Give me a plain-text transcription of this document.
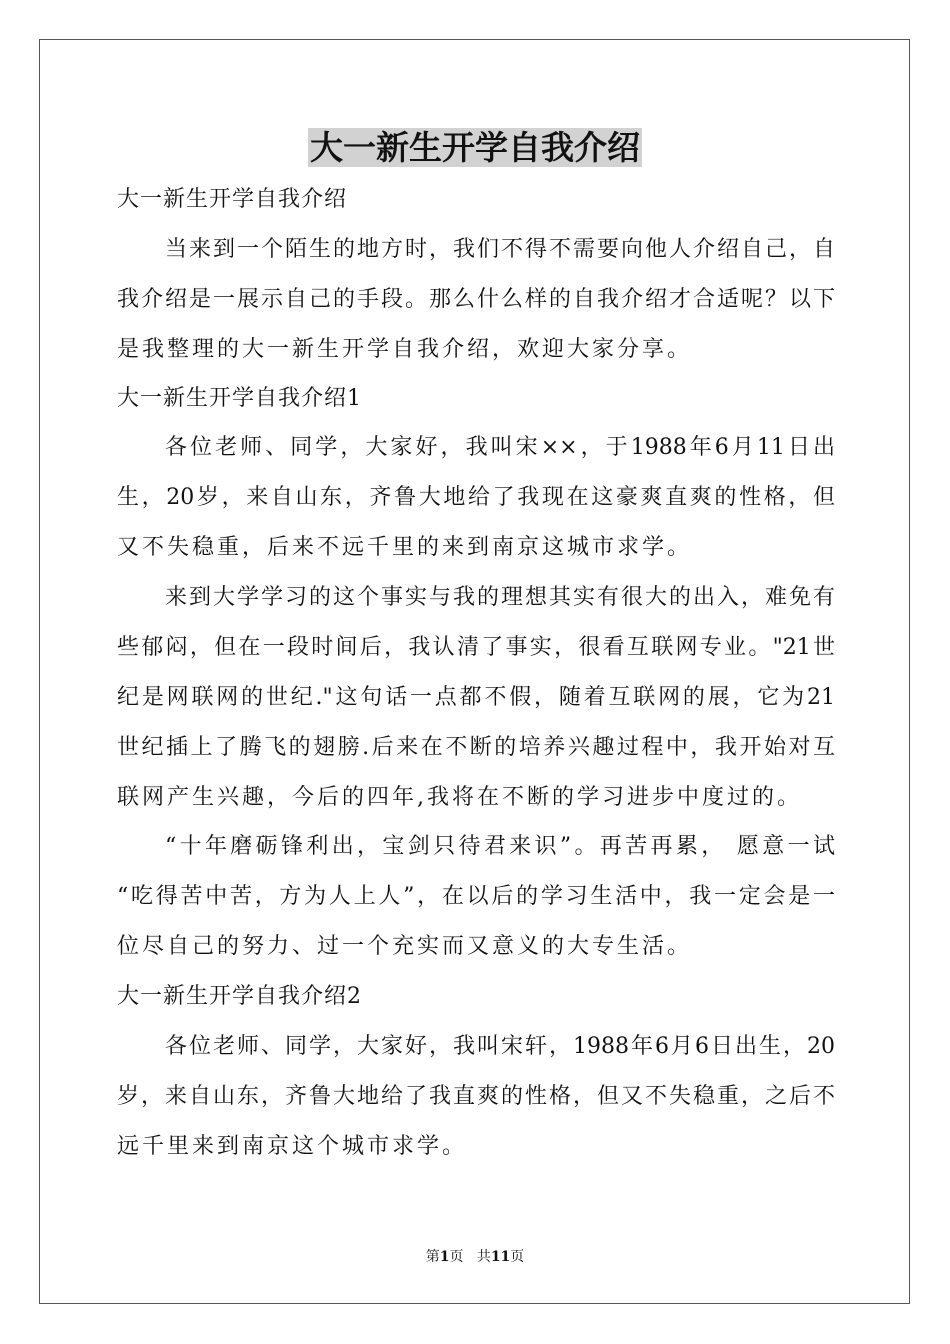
大一新生开学自我介绍
大一新生开学自我介绍
当来到一个陌生的地方时，我们不得不需要向他人介绍自己，自
我介绍是一展示自己的手段。那么什么样的自我介绍才合适呢？以下
是我整理的大一新生开学自我介绍，欢迎大家分享。
大一新生开学自我介绍1
各位老师、同学，大家好，我叫宋××，于1988年6月11日出
生，20岁，来自山东，齐鲁大地给了我现在这豪爽直爽的性格，但
又不失稳重，后来不远千里的来到南京这城市求学。
来到大学学习的这个事实与我的理想其实有很大的出入，难免有
些郁闷，但在一段时间后，我认清了事实，很看互联网专业。"21世
纪是网联网的世纪."这句话一点都不假，随着互联网的展，它为21
世纪插上了腾飞的翅膀.后来在不断的培养兴趣过程中，我开始对互
联网产生兴趣，今后的四年,我将在不断的学习进步中度过的。
“十年磨砺锋利出，宝剑只待君来识”。再苦再累， 愿意一试
“吃得苦中苦，方为人上人”，在以后的学习生活中，我一定会是一
位尽自己的努力、过一个充实而又意义的大专生活。
大一新生开学自我介绍2
各位老师、同学，大家好，我叫宋轩，1988年6月6日出生，20
岁，来自山东，齐鲁大地给了我直爽的性格，但又不失稳重，之后不
远千里来到南京这个城市求学。
第1页 共11页
